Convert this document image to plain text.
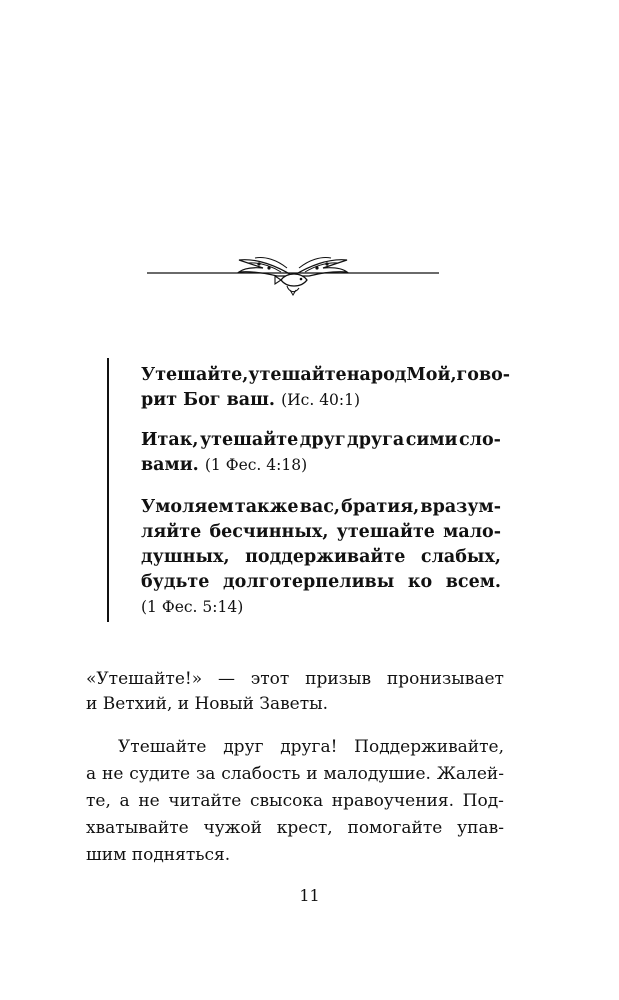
Утешайте, утешайте народ Мой, гово-
рит Бог ваш. (Ис. 40:1)
Итак, утешайте друг друга сими сло-
вами. (1 Фес. 4:18)
Умоляем также вас, братия, вразум-
ляйте бесчинных, утешайте мало-
душных, поддерживайте слабых,
будьте долготерпеливы ко всем.
(1 Фес. 5:14)
«Утешайте!» — этот призыв пронизывает
и Ветхий, и Новый Заветы.
Утешайте друг друга! Поддерживайте,
а не судите за слабость и малодушие. Жалей-
те, а не читайте свысока нравоучения. Под-
хватывайте чужой крест, помогайте упав-
шим подняться.
11
